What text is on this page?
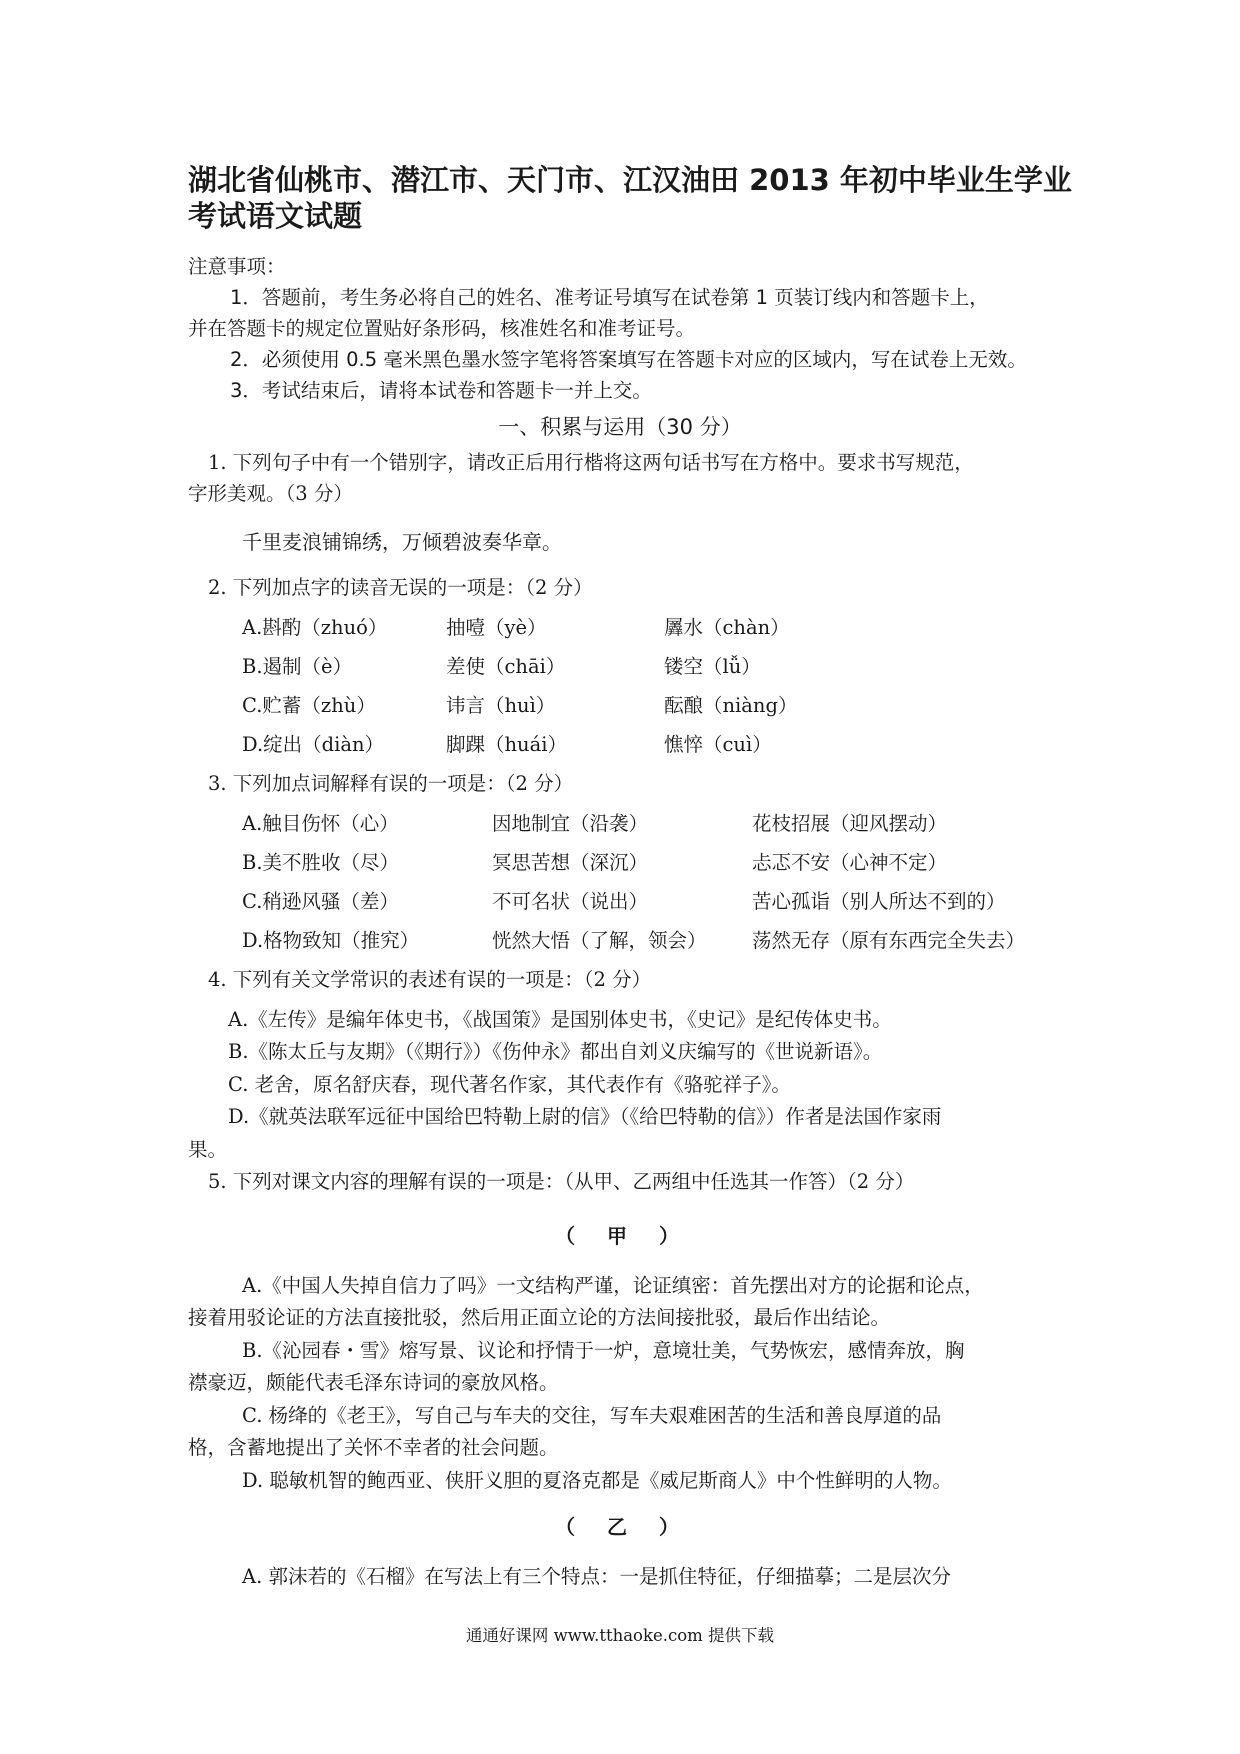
湖北省仙桃市、潜江市、天门市、江汉油田 2013 年初中毕业生学业
考试语文试题
注意事项：
1．答题前，考生务必将自己的姓名、准考证号填写在试卷第 1 页装订线内和答题卡上，
并在答题卡的规定位置贴好条形码，核准姓名和准考证号。
2．必须使用 0.5 毫米黑色墨水签字笔将答案填写在答题卡对应的区域内，写在试卷上无效。
3．考试结束后，请将本试卷和答题卡一并上交。
一、积累与运用（30 分）
1. 下列句子中有一个错别字，请改正后用行楷将这两句话书写在方格中。要求书写规范，
字形美观。（3 分）
千里麦浪铺锦绣，万倾碧波奏华章。
2. 下列加点字的读音无误的一项是：（2 分）
A.斟酌（zhuó）	抽噎（yè）	羼水（chàn）
B.遏制（è）	差使（chāi）	镂空（lǚ）
C.贮蓄（zhù）	讳言（huì）	酝酿（niàng）
D.绽出（diàn）	脚踝（huái）	憔悴（cuì）
3. 下列加点词解释有误的一项是：（2 分）
A.触目伤怀（心）	因地制宜（沿袭）	花枝招展（迎风摆动）
B.美不胜收（尽）	冥思苦想（深沉）	忐忑不安（心神不定）
C.稍逊风骚（差）	不可名状（说出）	苦心孤诣（别人所达不到的）
D.格物致知（推究）	恍然大悟（了解，领会） 荡然无存（原有东西完全失去）
4. 下列有关文学常识的表述有误的一项是：（2 分）
A.《左传》是编年体史书，《战国策》是国别体史书，《史记》是纪传体史书。
B.《陈太丘与友期》（《期行》）《伤仲永》都出自刘义庆编写的《世说新语》。
C. 老舍，原名舒庆春，现代著名作家，其代表作有《骆驼祥子》。
D.《就英法联军远征中国给巴特勒上尉的信》（《给巴特勒的信》）作者是法国作家雨
果。
5. 下列对课文内容的理解有误的一项是：（从甲、乙两组中任选其一作答）（2 分）
（　甲　）
A.《中国人失掉自信力了吗》一文结构严谨，论证缜密：首先摆出对方的论据和论点，
接着用驳论证的方法直接批驳，然后用正面立论的方法间接批驳，最后作出结论。
B.《沁园春・雪》熔写景、议论和抒情于一炉，意境壮美，气势恢宏，感情奔放，胸
襟豪迈，颇能代表毛泽东诗词的豪放风格。
C. 杨绛的《老王》，写自己与车夫的交往，写车夫艰难困苦的生活和善良厚道的品
格，含蓄地提出了关怀不幸者的社会问题。
D. 聪敏机智的鲍西亚、侠肝义胆的夏洛克都是《威尼斯商人》中个性鲜明的人物。
（　乙　）
A. 郭沫若的《石榴》在写法上有三个特点：一是抓住特征，仔细描摹；二是层次分
通通好课网 www.tthaoke.com 提供下载
